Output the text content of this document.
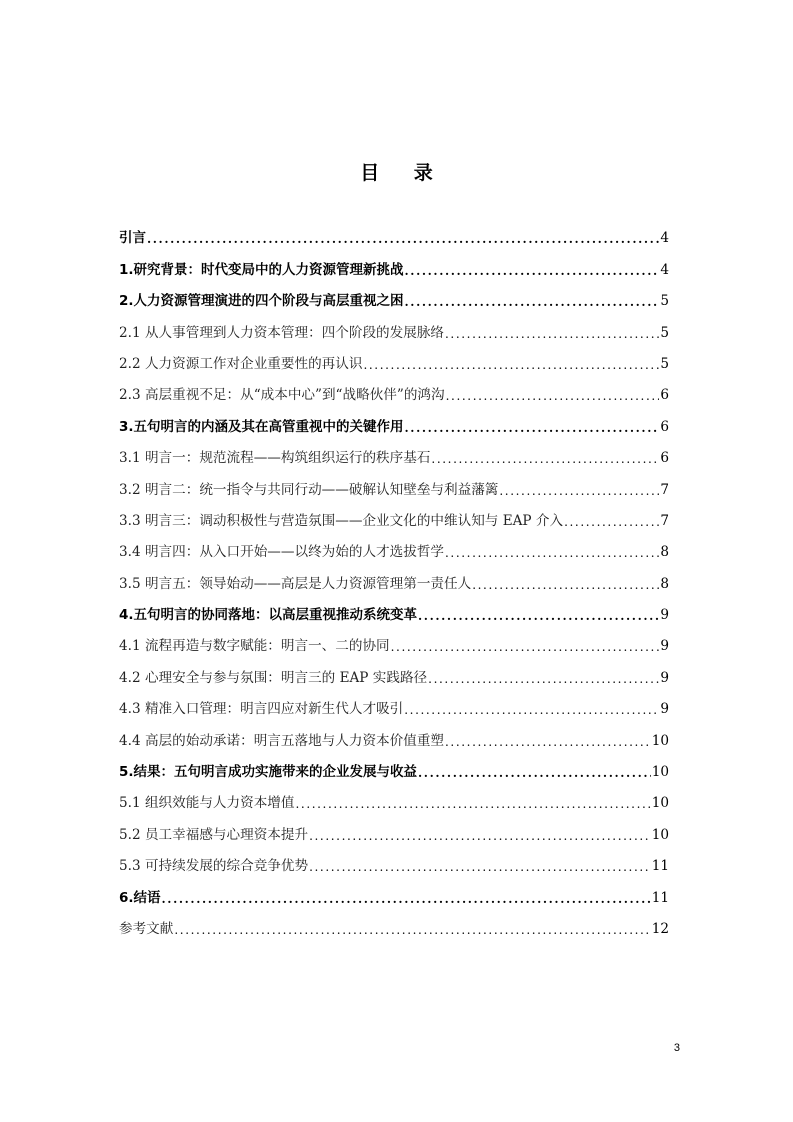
目 录
引言 .....	4
1.研究背景：时代变局中的人力资源管理新挑战 .....	4
2.人力资源管理演进的四个阶段与高层重视之困 .....	5
2.1 从人事管理到人力资本管理：四个阶段的发展脉络 .....	5
2.2 人力资源工作对企业重要性的再认识 .....	5
2.3 高层重视不足：从“成本中心”到“战略伙伴”的鸿沟 .....	6
3.五句明言的内涵及其在高管重视中的关键作用 .....	6
3.1 明言一：规范流程——构筑组织运行的秩序基石 .....	6
3.2 明言二：统一指令与共同行动——破解认知壁垒与利益藩篱 .....	7
3.3 明言三：调动积极性与营造氛围——企业文化的中维认知与 EAP 介入 .....	7
3.4 明言四：从入口开始——以终为始的人才选拔哲学 .....	8
3.5 明言五：领导始动——高层是人力资源管理第一责任人 .....	8
4.五句明言的协同落地：以高层重视推动系统变革 .....	9
4.1 流程再造与数字赋能：明言一、二的协同 .....	9
4.2 心理安全与参与氛围：明言三的 EAP 实践路径 .....	9
4.3 精准入口管理：明言四应对新生代人才吸引 .....	9
4.4 高层的始动承诺：明言五落地与人力资本价值重塑 .....	10
5.结果：五句明言成功实施带来的企业发展与收益 .....	10
5.1 组织效能与人力资本增值 .....	10
5.2 员工幸福感与心理资本提升 .....	10
5.3 可持续发展的综合竞争优势 .....	11
6.结语 .....	11
参考文献 .....	12
3
